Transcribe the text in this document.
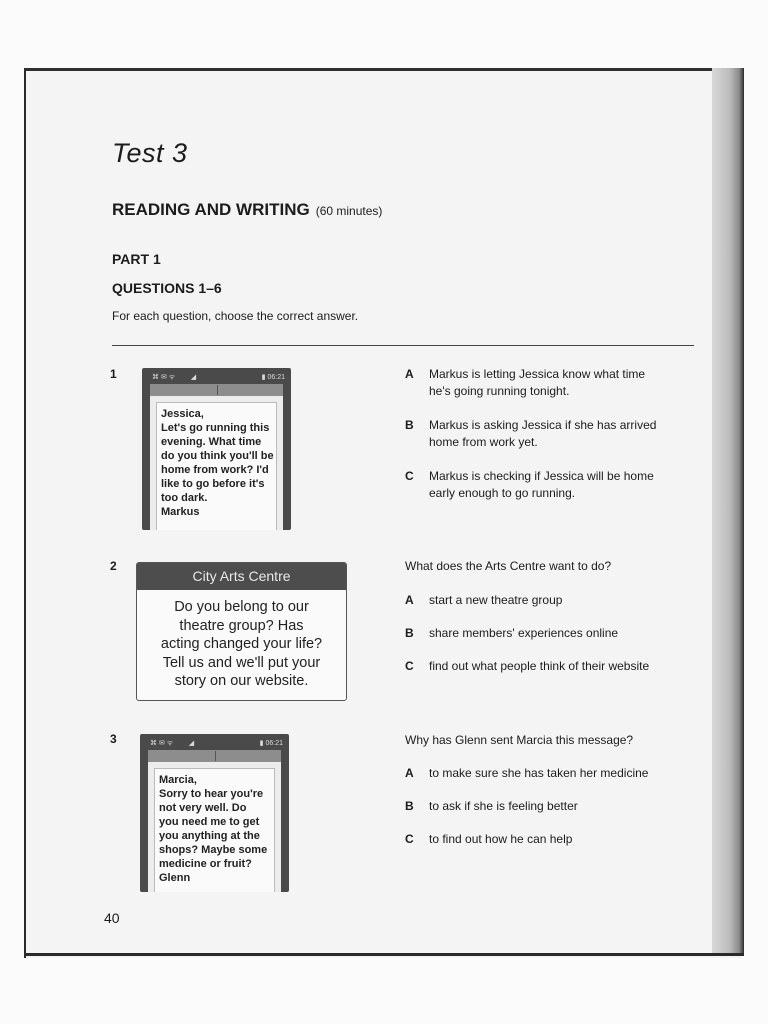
Test 3
READING AND WRITING (60 minutes)
PART 1
QUESTIONS 1–6
For each question, choose the correct answer.
1	⌘ ✉ ᯤ        ◢	▮ 06:21
Jessica,
Let's go running this
evening. What time
do you think you'll be
home from work? I'd
like to go before it's
too dark.
Markus
A Markus is letting Jessica know what time
he's going running tonight.
B Markus is asking Jessica if she has arrived
home from work yet.
C Markus is checking if Jessica will be home
early enough to go running.
2
City Arts Centre
Do you belong to our
theatre group? Has
acting changed your life?
Tell us and we'll put your
story on our website.
What does the Arts Centre want to do?
A start a new theatre group
B share members' experiences online
C find out what people think of their website
3	⌘ ✉ ᯤ        ◢	▮ 06:21
Marcia,
Sorry to hear you're
not very well. Do
you need me to get
you anything at the
shops? Maybe some
medicine or fruit?
Glenn
Why has Glenn sent Marcia this message?
A to make sure she has taken her medicine
B to ask if she is feeling better
C to find out how he can help
40
